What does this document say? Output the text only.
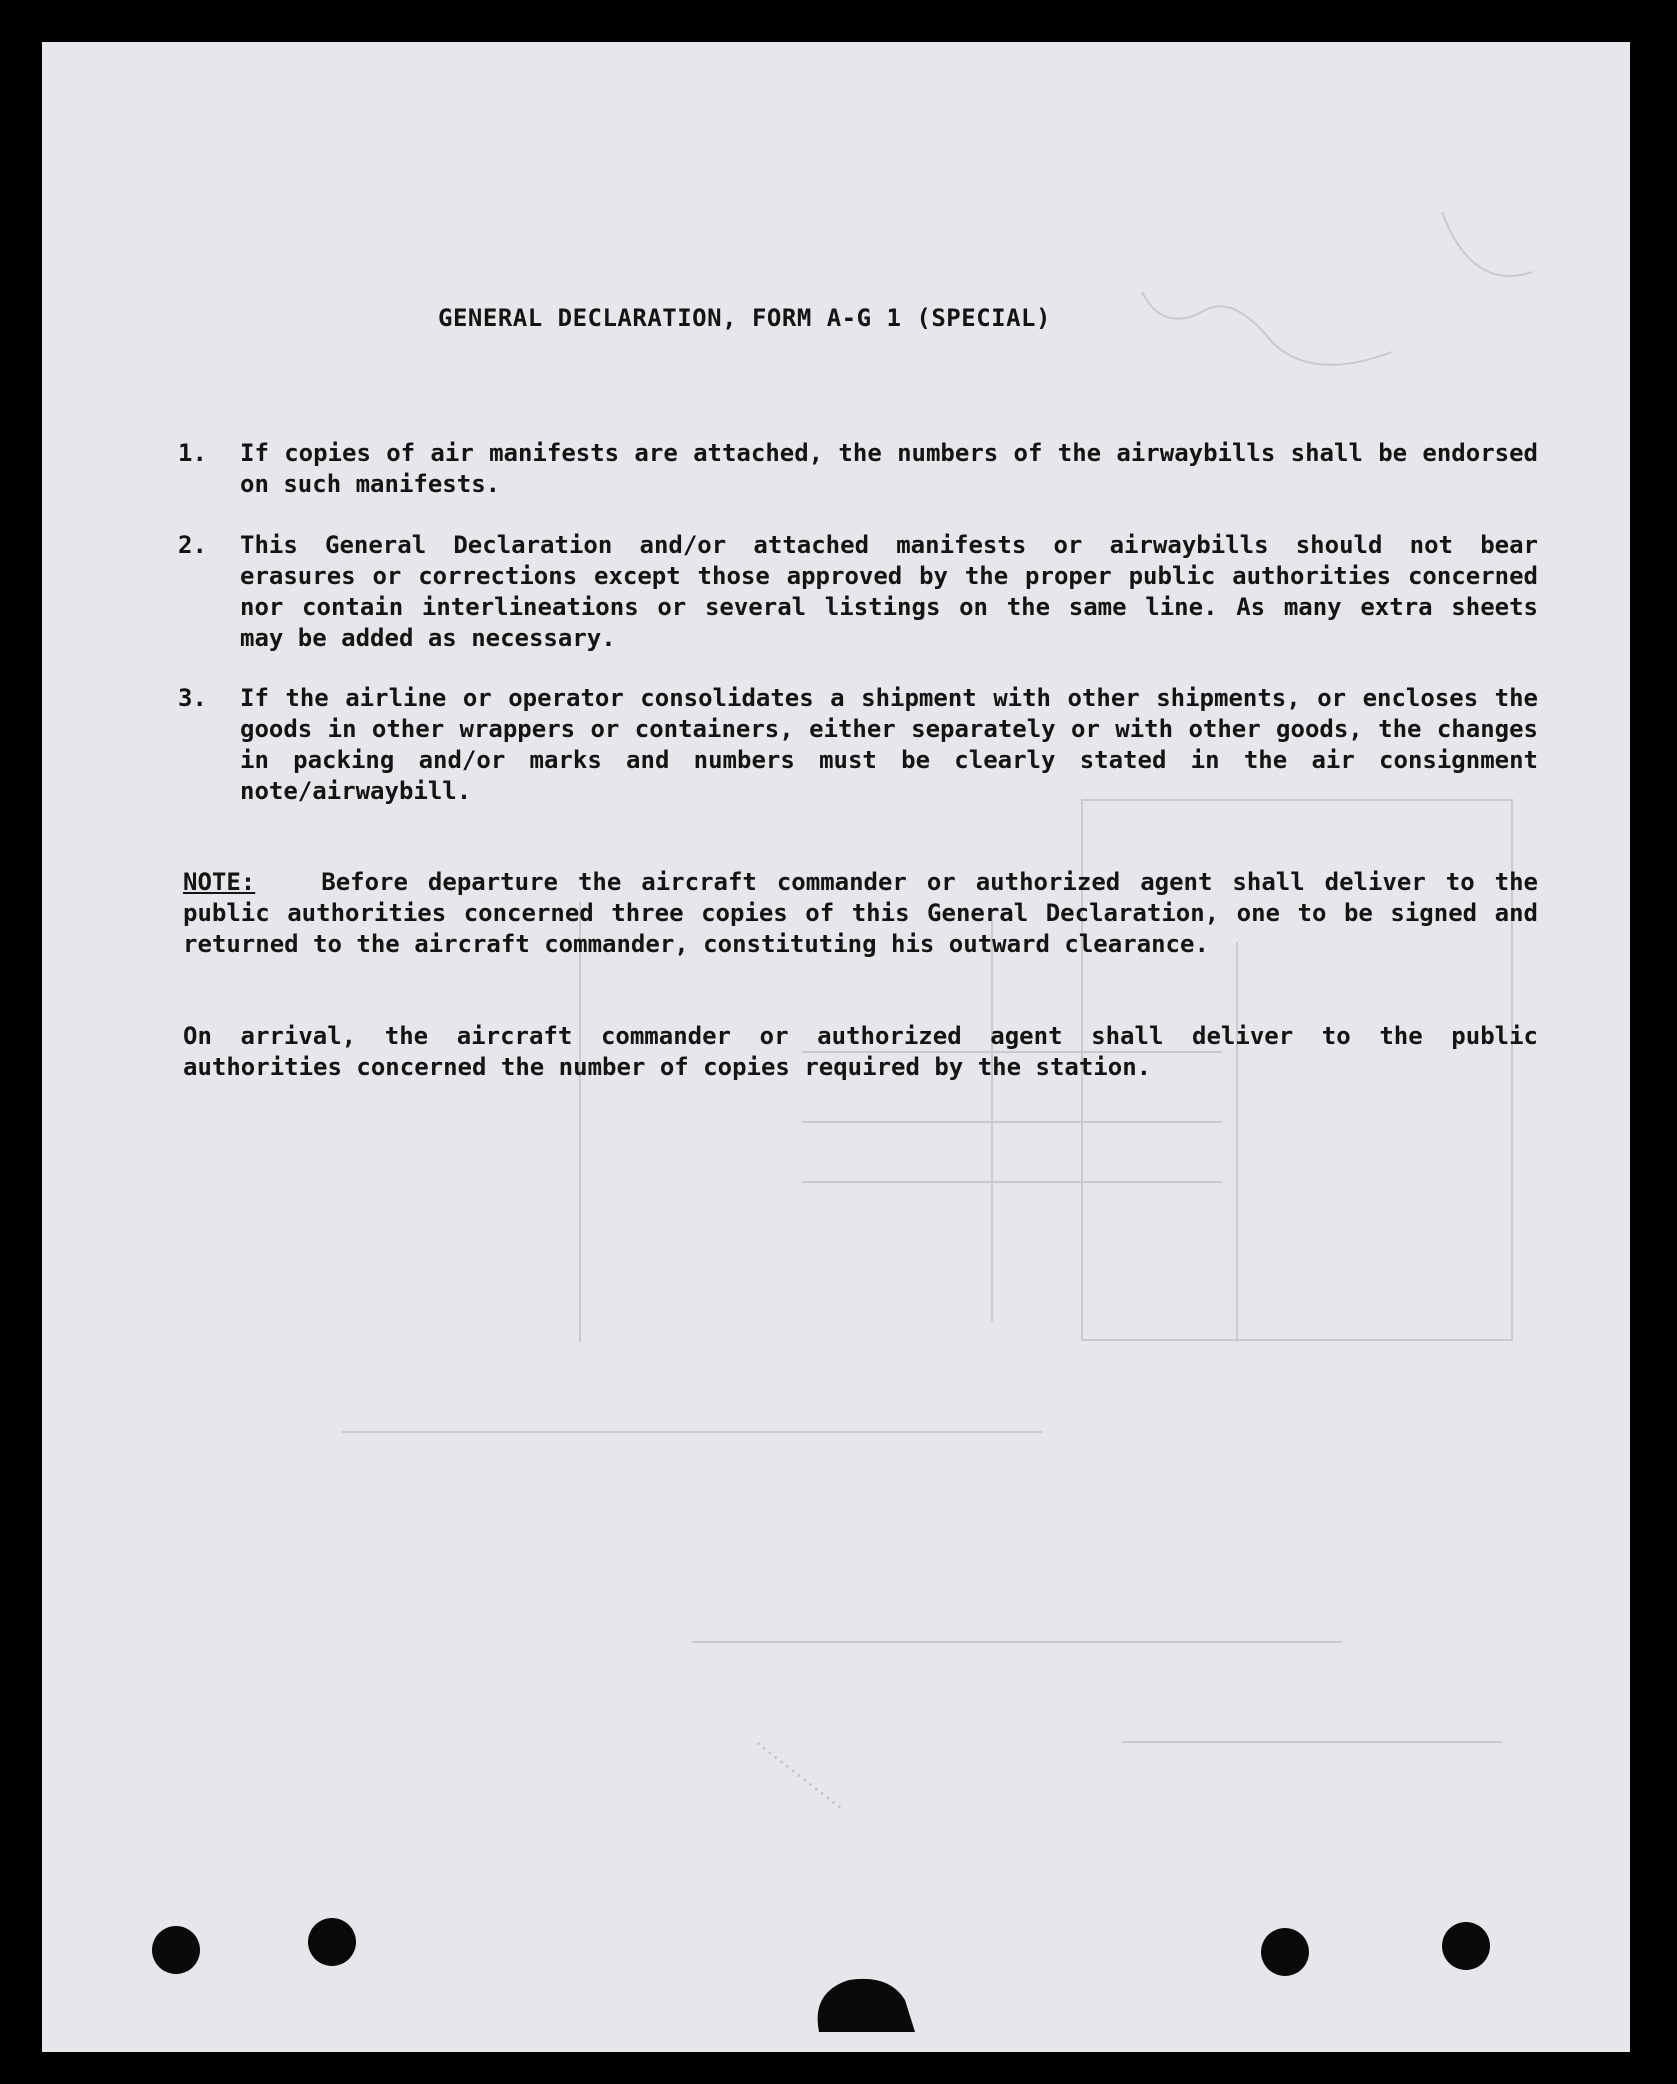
⋯⋯⋯⋯⋯
GENERAL DECLARATION, FORM A-G 1 (SPECIAL)
1.	If copies of air manifests are attached, the numbers of the airwaybills shall be endorsed on such manifests.
2.	This General Declaration and/or attached manifests or airwaybills should not bear erasures or corrections except those approved by the proper public authorities concerned nor contain interlineations or several listings on the same line. As many extra sheets may be added as necessary.
3.	If the airline or operator consolidates a shipment with other shipments, or encloses the goods in other wrappers or containers, either separately or with other goods, the changes in packing and/or marks and numbers must be clearly stated in the air consignment note/airwaybill.
NOTE:	Before departure the aircraft commander or authorized agent shall deliver to the public authorities concerned three copies of this General Declaration, one to be signed and returned to the aircraft commander, constituting his outward clearance.
On arrival, the aircraft commander or authorized agent shall deliver to the public authorities concerned the number of copies required by the station.
